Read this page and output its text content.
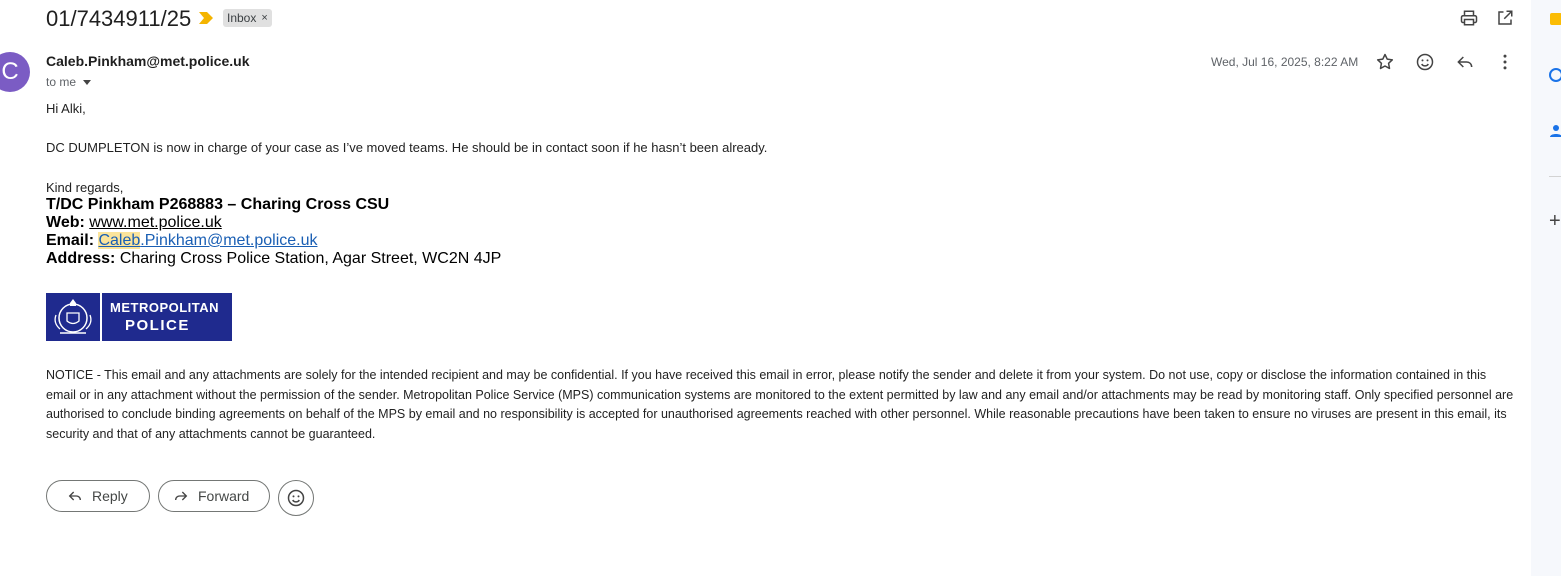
01/7434911/25	Inbox ×
C	Caleb.Pinkham@met.police.uk
to me
Wed, Jul 16, 2025, 8:22 AM
Hi Alki,
DC DUMPLETON is now in charge of your case as I’ve moved teams. He should be in contact soon if he hasn’t been already.
Kind regards,
T/DC Pinkham P268883 – Charing Cross CSU
Web: www.met.police.uk
Email: Caleb.Pinkham@met.police.uk
Address: Charing Cross Police Station, Agar Street, WC2N 4JP
METROPOLITAN
POLICE
NOTICE - This email and any attachments are solely for the intended recipient and may be confidential. If you have received this email in error, please notify the sender and delete it from your system. Do not use, copy or disclose the information contained in this email or in any attachment without the permission of the sender. Metropolitan Police Service (MPS) communication systems are monitored to the extent permitted by law and any email and/or attachments may be read by monitoring staff. Only specified personnel are authorised to conclude binding agreements on behalf of the MPS by email and no responsibility is accepted for unauthorised agreements reached with other personnel. While reasonable precautions have been taken to ensure no viruses are present in this email, its security and that of any attachments cannot be guaranteed.
Reply	Forward
+
